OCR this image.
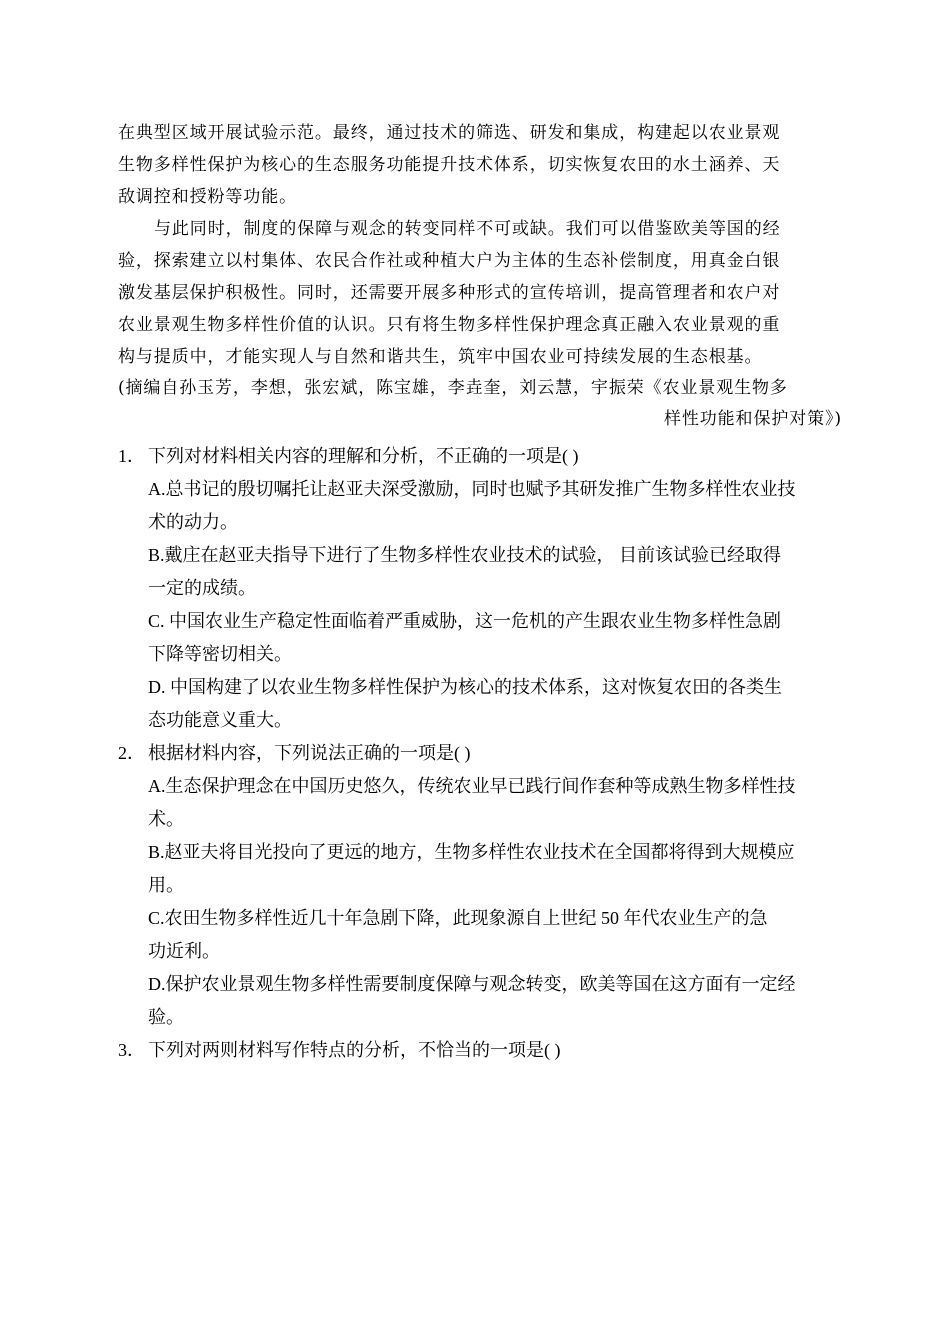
在典型区域开展试验示范。最终，通过技术的筛选、研发和集成，构建起以农业景观
生物多样性保护为核心的生态服务功能提升技术体系，切实恢复农田的水土涵养、天
敌调控和授粉等功能。

与此同时，制度的保障与观念的转变同样不可或缺。我们可以借鉴欧美等国的经
验，探索建立以村集体、农民合作社或种植大户为主体的生态补偿制度，用真金白银
激发基层保护积极性。同时，还需要开展多种形式的宣传培训，提高管理者和农户对
农业景观生物多样性价值的认识。只有将生物多样性保护理念真正融入农业景观的重
构与提质中，才能实现人与自然和谐共生，筑牢中国农业可持续发展的生态根基。

(摘编自孙玉芳，李想，张宏斌，陈宝雄，李垚奎，刘云慧，宇振荣《农业景观生物多
样性功能和保护对策》)

1． 下列对材料相关内容的理解和分析，不正确的一项是( )

A.总书记的殷切嘱托让赵亚夫深受激励，同时也赋予其研发推广生物多样性农业技
术的动力。

B.戴庄在赵亚夫指导下进行了生物多样性农业技术的试验， 目前该试验已经取得
一定的成绩。

C. 中国农业生产稳定性面临着严重威胁，这一危机的产生跟农业生物多样性急剧
下降等密切相关。

D. 中国构建了以农业生物多样性保护为核心的技术体系，这对恢复农田的各类生
态功能意义重大。

2． 根据材料内容，下列说法正确的一项是( )

A.生态保护理念在中国历史悠久，传统农业早已践行间作套种等成熟生物多样性技
术。

B.赵亚夫将目光投向了更远的地方，生物多样性农业技术在全国都将得到大规模应
用。

C.农田生物多样性近几十年急剧下降，此现象源自上世纪 50 年代农业生产的急
功近利。

D.保护农业景观生物多样性需要制度保障与观念转变，欧美等国在这方面有一定经
验。

3． 下列对两则材料写作特点的分析，不恰当的一项是( )
